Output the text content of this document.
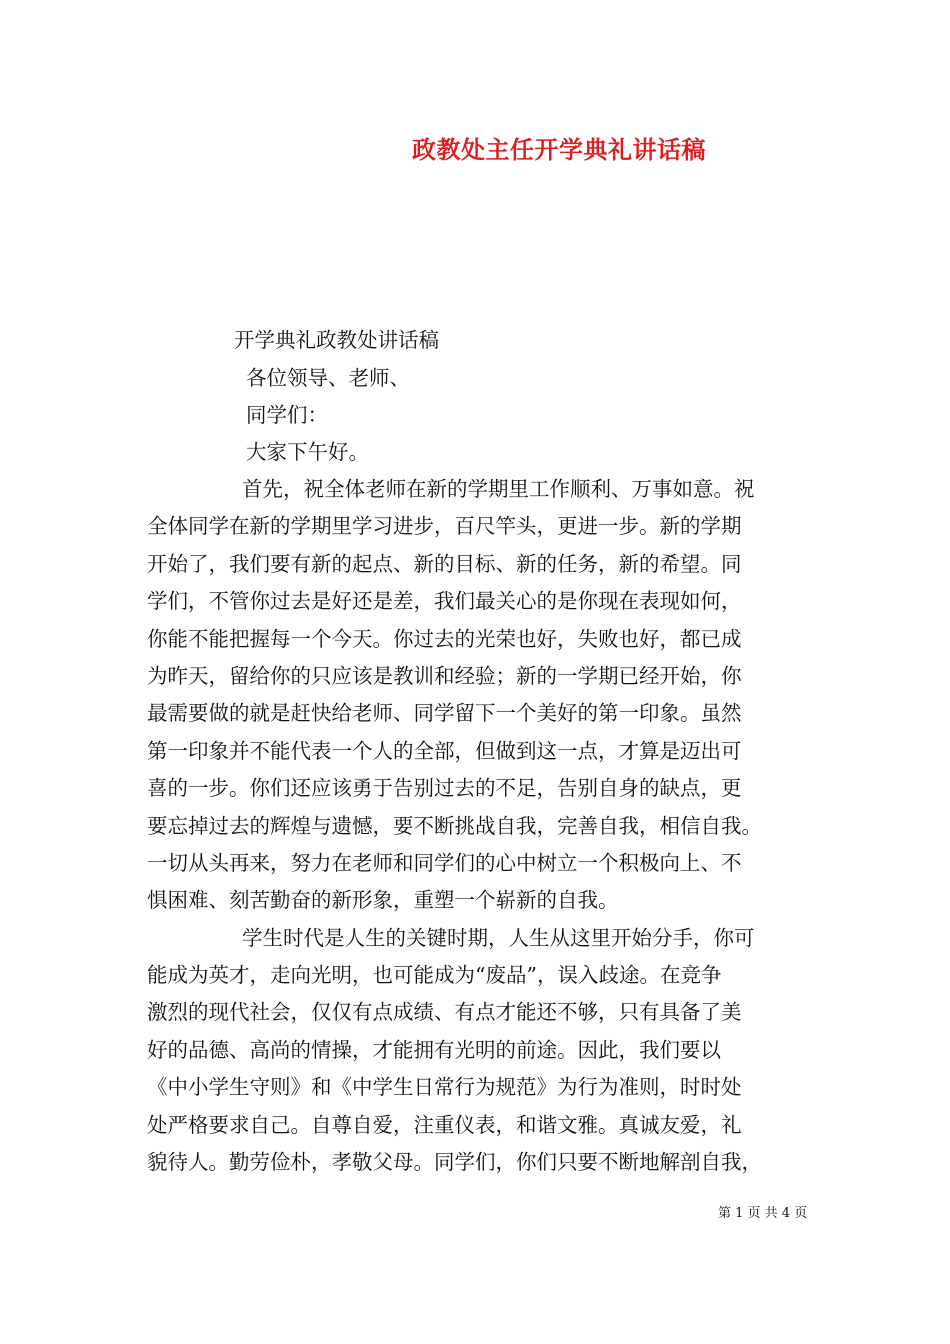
政教处主任开学典礼讲话稿
开学典礼政教处讲话稿
各位领导、老师、
同学们：
大家下午好。
首先，祝全体老师在新的学期里工作顺利、万事如意。祝
全体同学在新的学期里学习进步，百尺竿头，更进一步。新的学期
开始了，我们要有新的起点、新的目标、新的任务，新的希望。同
学们，不管你过去是好还是差，我们最关心的是你现在表现如何，
你能不能把握每一个今天。你过去的光荣也好，失败也好，都已成
为昨天，留给你的只应该是教训和经验；新的一学期已经开始，你
最需要做的就是赶快给老师、同学留下一个美好的第一印象。虽然
第一印象并不能代表一个人的全部，但做到这一点，才算是迈出可
喜的一步。你们还应该勇于告别过去的不足，告别自身的缺点，更
要忘掉过去的辉煌与遗憾，要不断挑战自我，完善自我，相信自我。
一切从头再来，努力在老师和同学们的心中树立一个积极向上、不
惧困难、刻苦勤奋的新形象，重塑一个崭新的自我。
学生时代是人生的关键时期，人生从这里开始分手，你可
能成为英才，走向光明，也可能成为“废品”，误入歧途。在竞争
激烈的现代社会，仅仅有点成绩、有点才能还不够，只有具备了美
好的品德、高尚的情操，才能拥有光明的前途。因此，我们要以
《中小学生守则》和《中学生日常行为规范》为行为准则，时时处
处严格要求自己。自尊自爱，注重仪表，和谐文雅。真诚友爱，礼
貌待人。勤劳俭朴，孝敬父母。同学们，你们只要不断地解剖自我，
第 1 页 共 4 页
